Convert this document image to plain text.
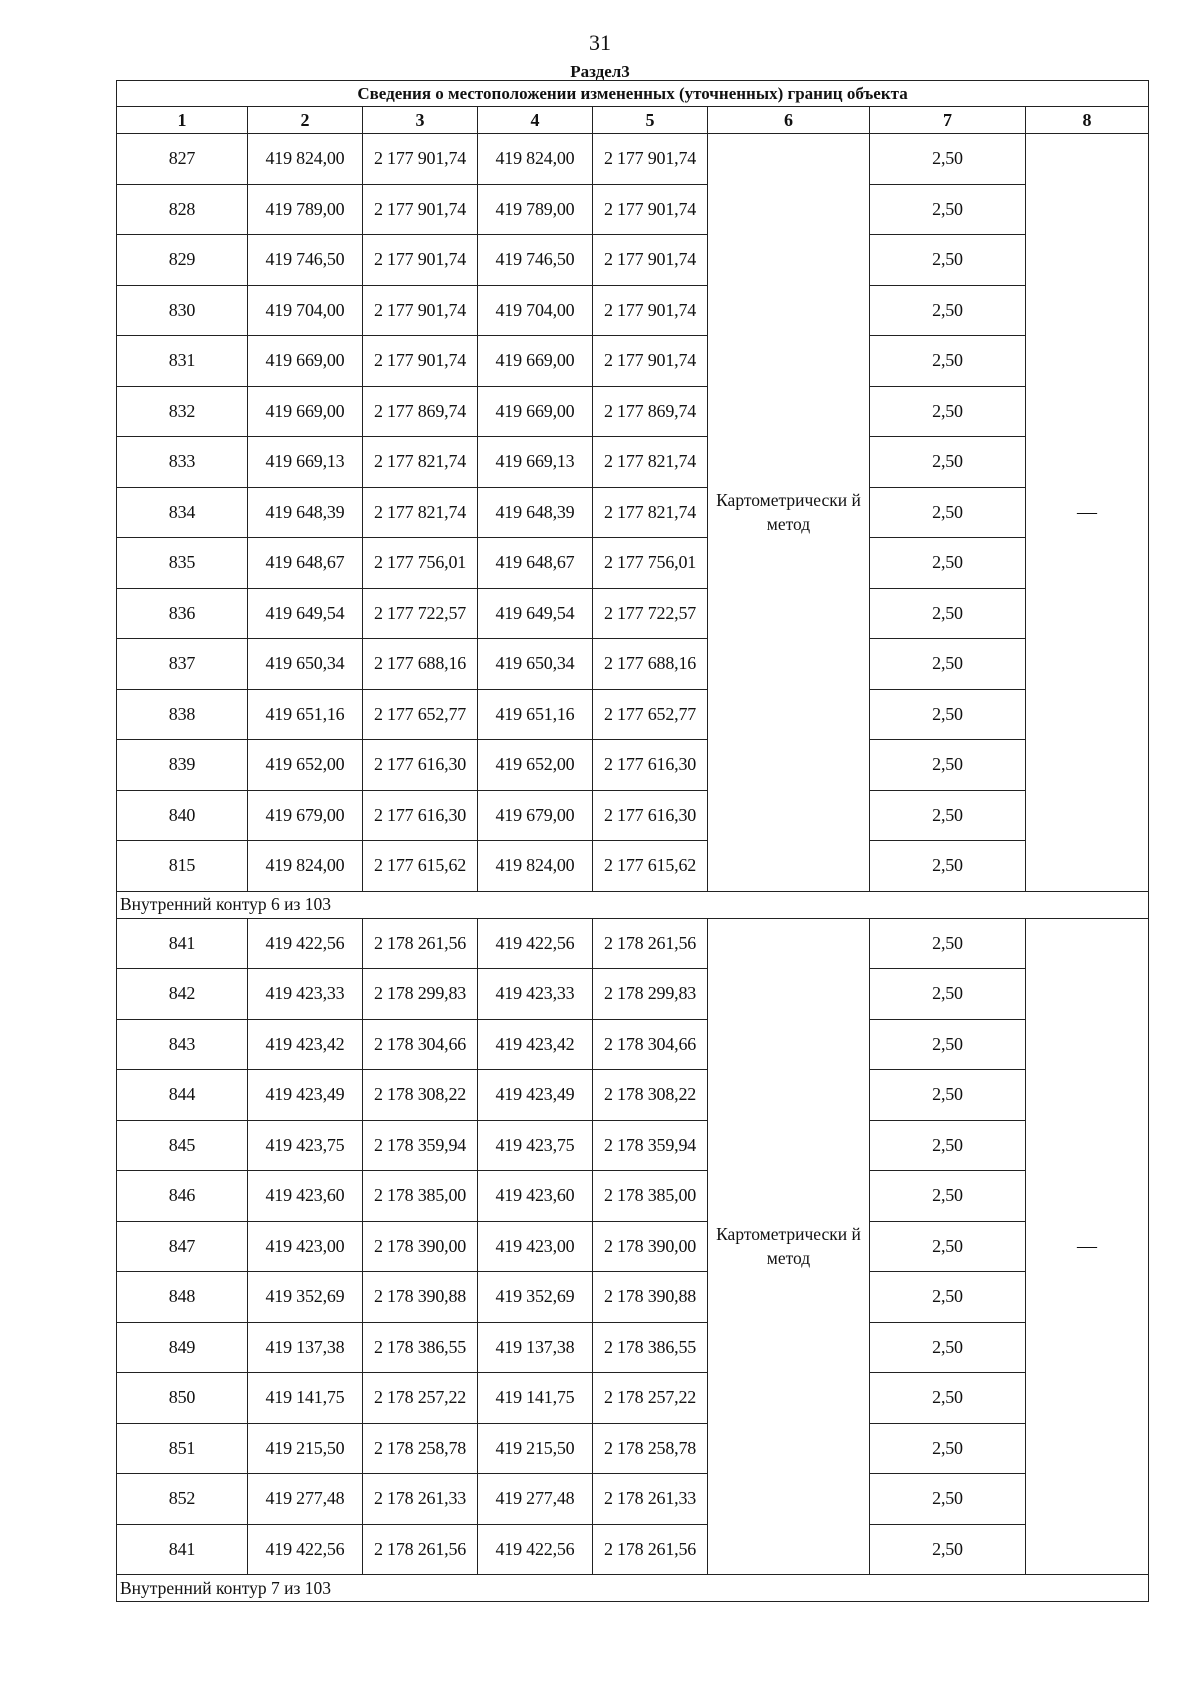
31
Раздел3
Сведения о местоположении измененных (уточненных) границ объекта							
1	2	3	4	5	6	7	8
827	419 824,00	2 177 901,74	419 824,00	2 177 901,74	Картометрически й метод	2,50	—
828	419 789,00	2 177 901,74	419 789,00	2 177 901,74		2,50	
829	419 746,50	2 177 901,74	419 746,50	2 177 901,74		2,50	
830	419 704,00	2 177 901,74	419 704,00	2 177 901,74		2,50	
831	419 669,00	2 177 901,74	419 669,00	2 177 901,74		2,50	
832	419 669,00	2 177 869,74	419 669,00	2 177 869,74		2,50	
833	419 669,13	2 177 821,74	419 669,13	2 177 821,74		2,50	
834	419 648,39	2 177 821,74	419 648,39	2 177 821,74		2,50	
835	419 648,67	2 177 756,01	419 648,67	2 177 756,01		2,50	
836	419 649,54	2 177 722,57	419 649,54	2 177 722,57		2,50	
837	419 650,34	2 177 688,16	419 650,34	2 177 688,16		2,50	
838	419 651,16	2 177 652,77	419 651,16	2 177 652,77		2,50	
839	419 652,00	2 177 616,30	419 652,00	2 177 616,30		2,50	
840	419 679,00	2 177 616,30	419 679,00	2 177 616,30		2,50	
815	419 824,00	2 177 615,62	419 824,00	2 177 615,62		2,50	
Внутренний контур 6 из 103							
841	419 422,56	2 178 261,56	419 422,56	2 178 261,56	Картометрически й метод	2,50	—
842	419 423,33	2 178 299,83	419 423,33	2 178 299,83		2,50	
843	419 423,42	2 178 304,66	419 423,42	2 178 304,66		2,50	
844	419 423,49	2 178 308,22	419 423,49	2 178 308,22		2,50	
845	419 423,75	2 178 359,94	419 423,75	2 178 359,94		2,50	
846	419 423,60	2 178 385,00	419 423,60	2 178 385,00		2,50	
847	419 423,00	2 178 390,00	419 423,00	2 178 390,00		2,50	
848	419 352,69	2 178 390,88	419 352,69	2 178 390,88		2,50	
849	419 137,38	2 178 386,55	419 137,38	2 178 386,55		2,50	
850	419 141,75	2 178 257,22	419 141,75	2 178 257,22		2,50	
851	419 215,50	2 178 258,78	419 215,50	2 178 258,78		2,50	
852	419 277,48	2 178 261,33	419 277,48	2 178 261,33		2,50	
841	419 422,56	2 178 261,56	419 422,56	2 178 261,56		2,50	
Внутренний контур 7 из 103							
